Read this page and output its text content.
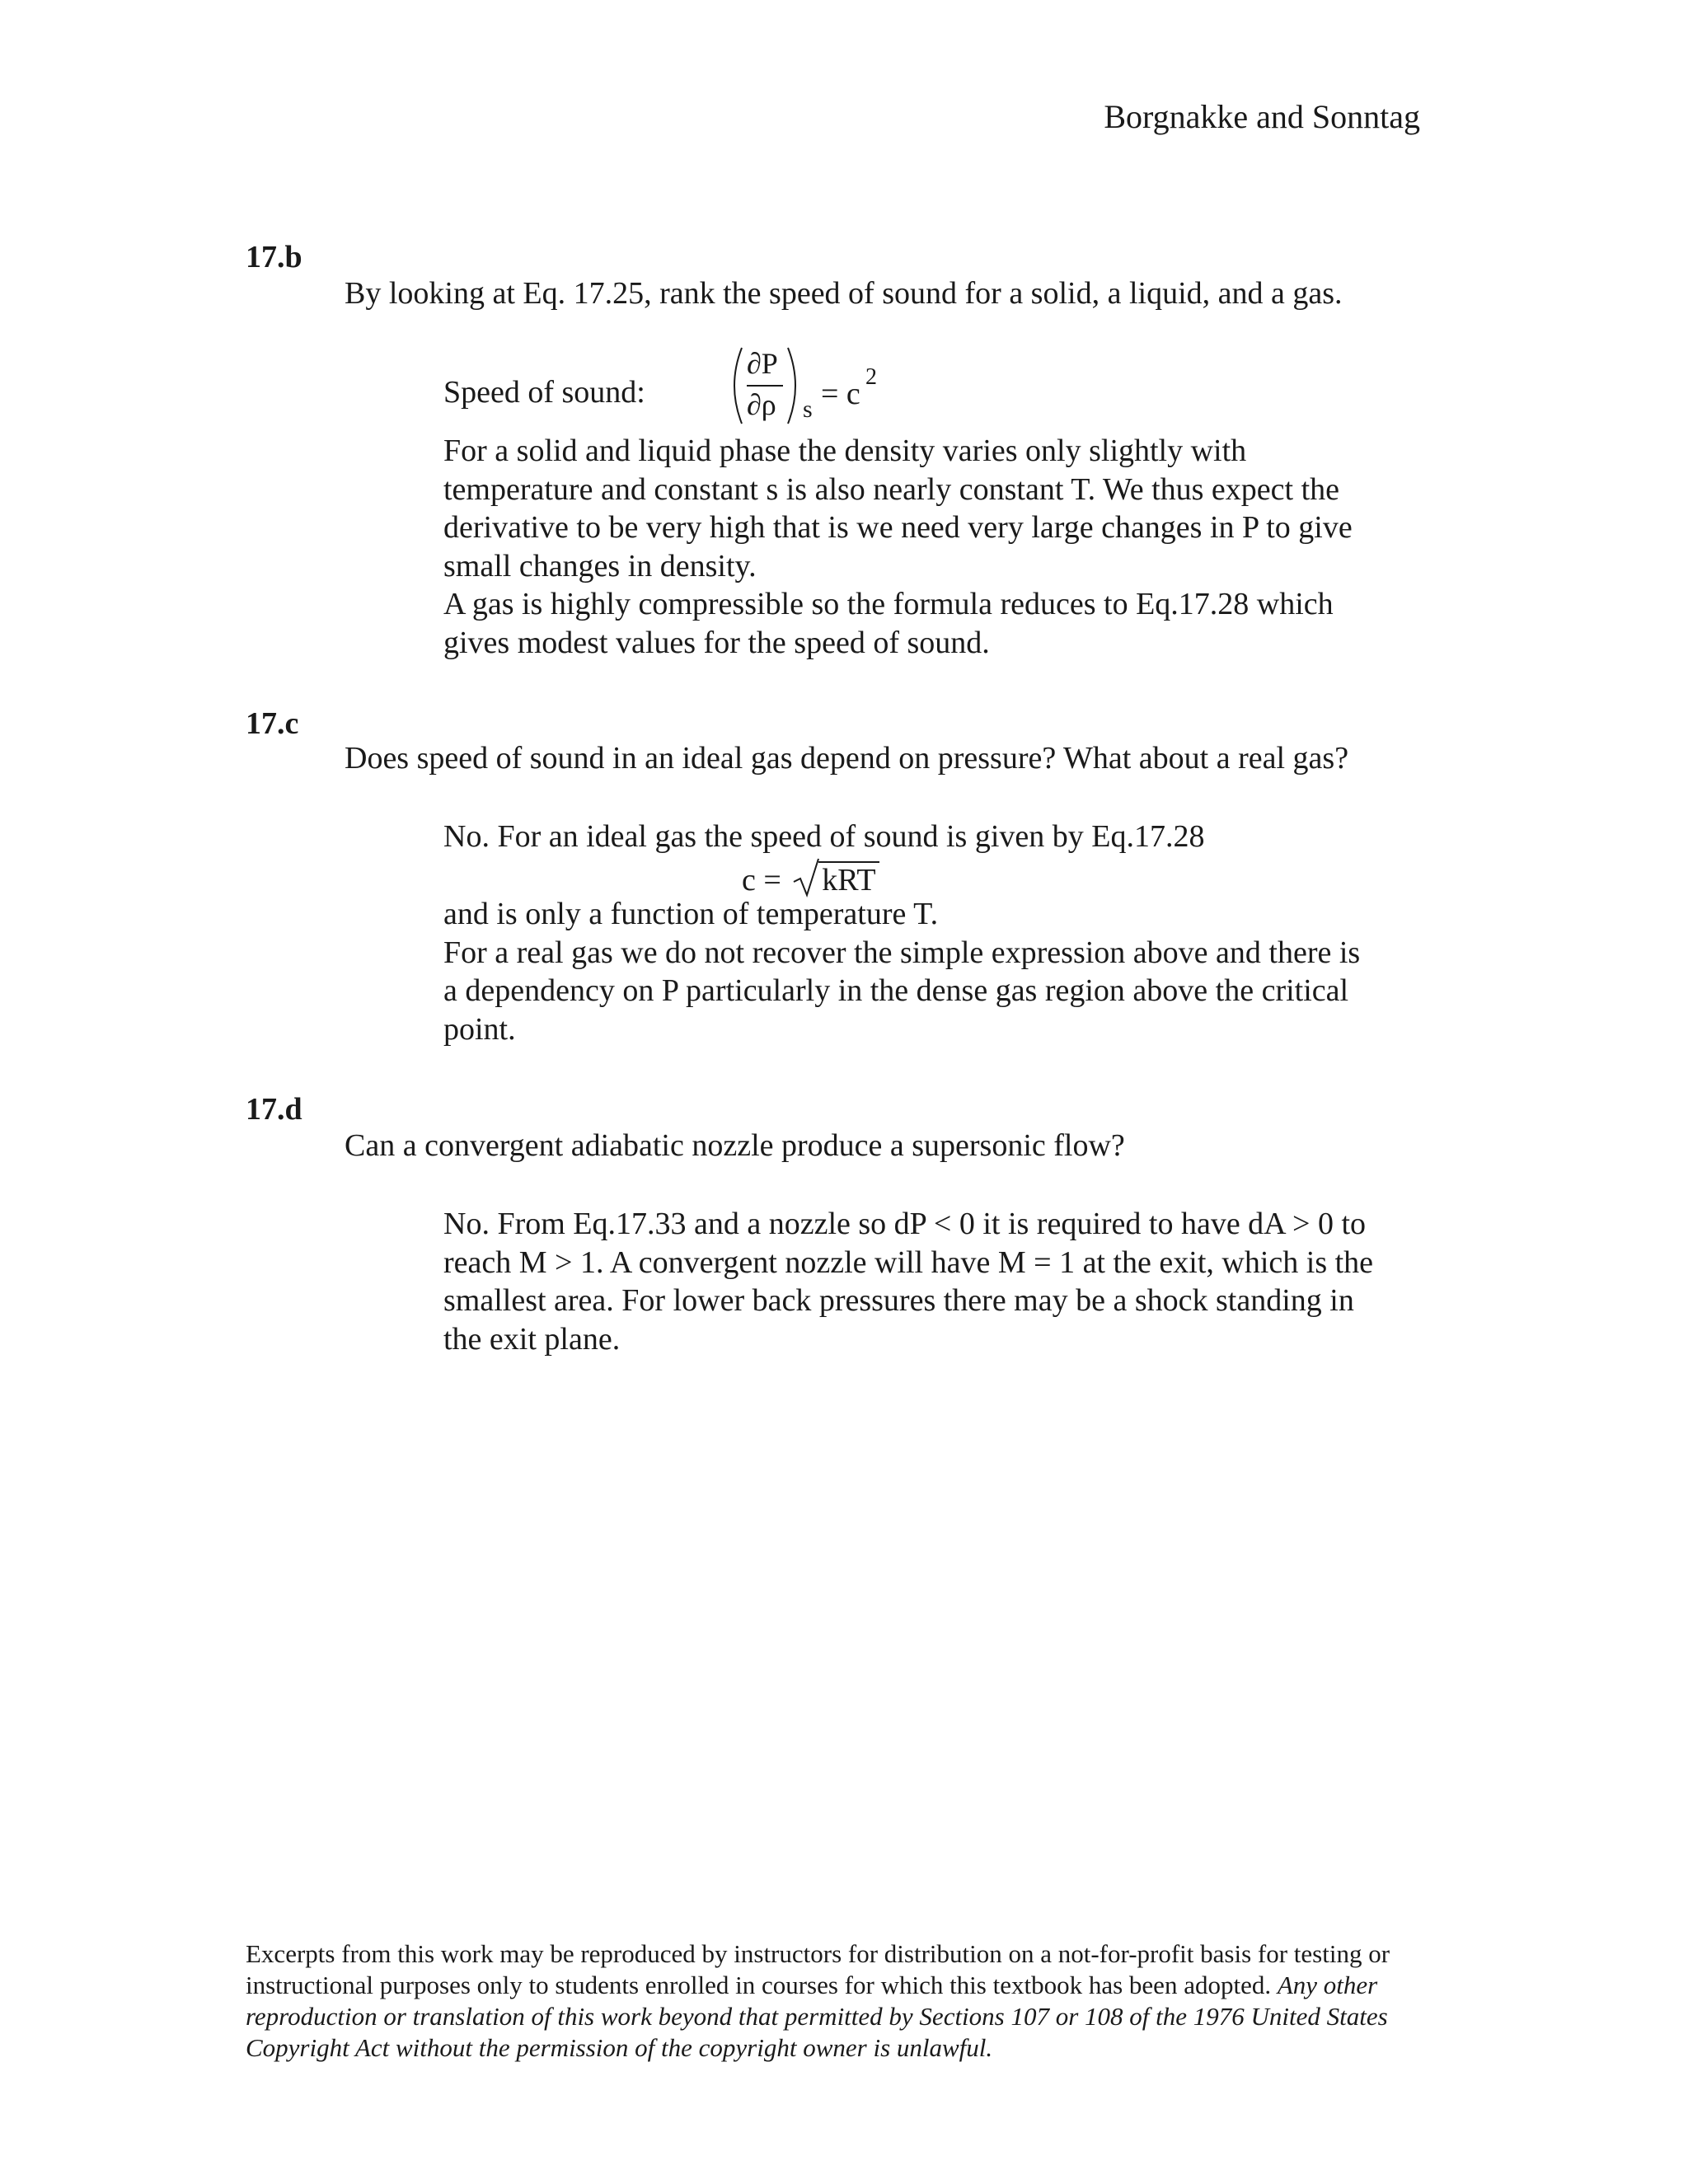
Borgnakke and Sonntag
17.b
By looking at Eq. 17.25, rank the speed of sound for a solid, a liquid, and a gas.
Speed of sound:
∂P
∂ρ s = c 2
For a solid and liquid phase the density varies only slightly with
temperature and constant s is also nearly constant T. We thus expect the
derivative to be very high that is we need very large changes in P to give
small changes in density.
A gas is highly compressible so the formula reduces to Eq.17.28 which
gives modest values for the speed of sound.
17.c
Does speed of sound in an ideal gas depend on pressure? What about a real gas?
No. For an ideal gas the speed of sound is given by Eq.17.28
c = kRT
and is only a function of temperature T.
For a real gas we do not recover the simple expression above and there is
a dependency on P particularly in the dense gas region above the critical
point.
17.d
Can a convergent adiabatic nozzle produce a supersonic flow?
No. From Eq.17.33 and a nozzle so dP < 0 it is required to have dA > 0 to
reach M > 1. A convergent nozzle will have M = 1 at the exit, which is the
smallest area. For lower back pressures there may be a shock standing in
the exit plane.
Excerpts from this work may be reproduced by instructors for distribution on a not-for-profit basis for testing or instructional purposes only to students enrolled in courses for which this textbook has been adopted. Any other reproduction or translation of this work beyond that permitted by Sections 107 or 108 of the 1976 United States Copyright Act without the permission of the copyright owner is unlawful.
